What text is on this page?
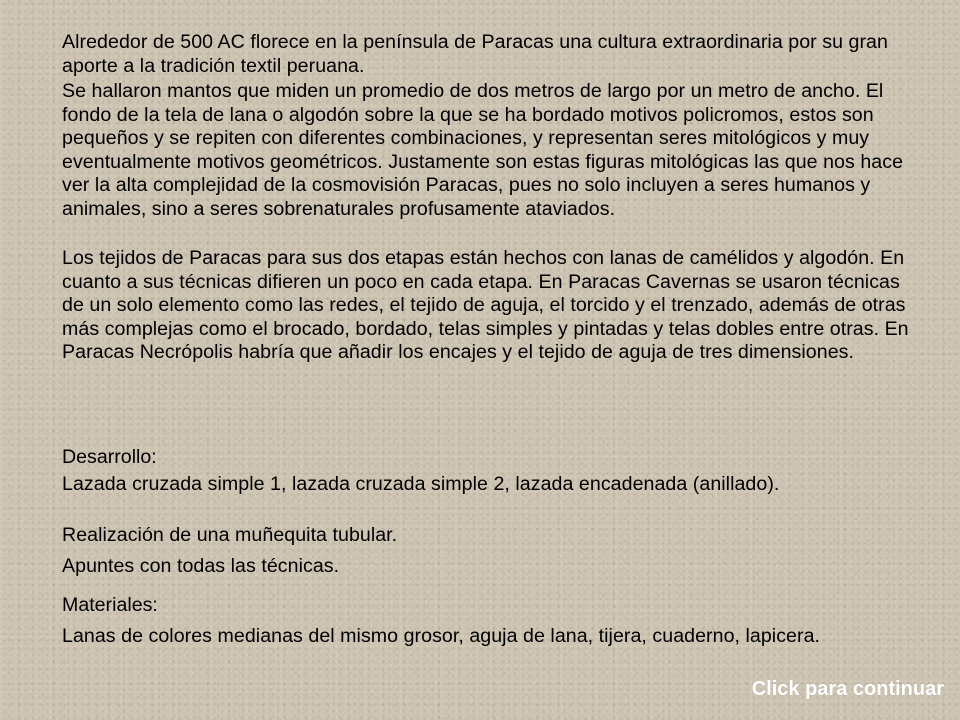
Alrededor de 500 AC florece en la península de Paracas una cultura extraordinaria por su gran aporte a la tradición textil peruana.

Se hallaron mantos que miden un promedio de dos metros de largo por un metro de ancho. El fondo de la tela de lana o algodón sobre la que se ha bordado motivos policromos, estos son pequeños y se repiten con diferentes combinaciones, y representan seres mitológicos y muy eventualmente motivos geométricos. Justamente son estas figuras mitológicas las que nos hace ver la alta complejidad de la cosmovisión Paracas, pues no solo incluyen a seres humanos y animales, sino a seres sobrenaturales profusamente ataviados.

Los tejidos de Paracas para sus dos etapas están hechos con lanas de camélidos y algodón. En cuanto a sus técnicas difieren un poco en cada etapa. En Paracas Cavernas se usaron técnicas de un solo elemento como las redes, el tejido de aguja, el torcido y el trenzado, además de otras más complejas como el brocado, bordado, telas simples y pintadas y telas dobles entre otras. En Paracas Necrópolis habría que añadir los encajes y el tejido de aguja de tres dimensiones.

Desarrollo:

Lazada cruzada simple 1, lazada cruzada simple 2, lazada encadenada (anillado).

Realización de una muñequita tubular.

Apuntes con todas las técnicas.

Materiales:

Lanas de colores medianas del mismo grosor, aguja de lana, tijera, cuaderno, lapicera.

Click para continuar
